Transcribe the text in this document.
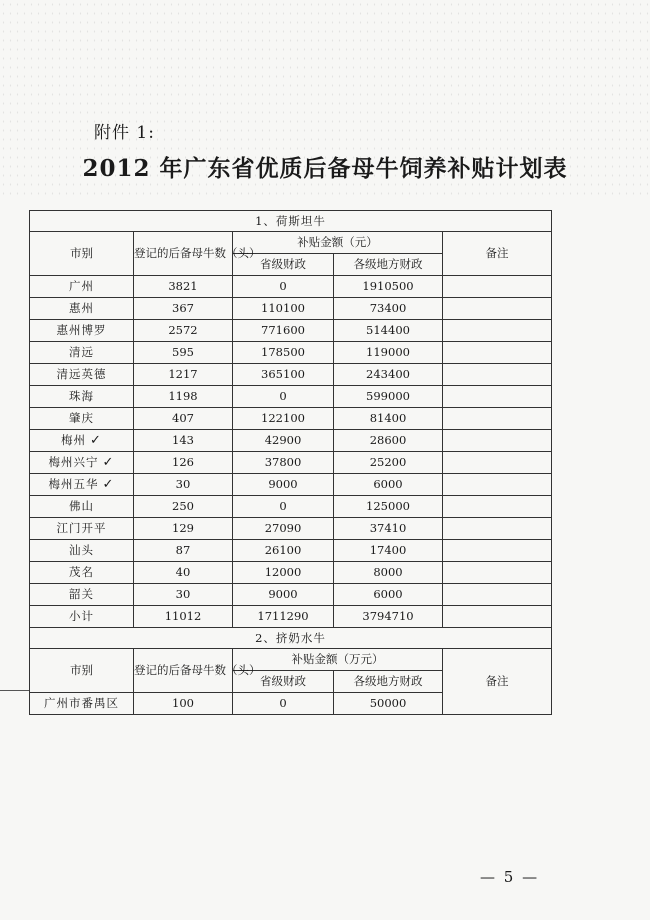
附件 1:
2012 年广东省优质后备母牛饲养补贴计划表
1、荷斯坦牛				
市别	登记的后备母牛数（头）	补贴金额（元）		备注
		省级财政	各级地方财政	
广州	3821	0	1910500	
惠州	367	110100	73400	
惠州博罗	2572	771600	514400	
清远	595	178500	119000	
清远英德	1217	365100	243400	
珠海	1198	0	599000	
肇庆	407	122100	81400	
梅州 ✓	143	42900	28600	
梅州兴宁 ✓	126	37800	25200	
梅州五华 ✓	30	9000	6000	
佛山	250	0	125000	
江门开平	129	27090	37410	
汕头	87	26100	17400	
茂名	40	12000	8000	
韶关	30	9000	6000	
小计	11012	1711290	3794710	
2、挤奶水牛				
市别	登记的后备母牛数（头）	补贴金额（万元）		备注
		省级财政	各级地方财政	
广州市番禺区	100	0	50000	
— 5 —
